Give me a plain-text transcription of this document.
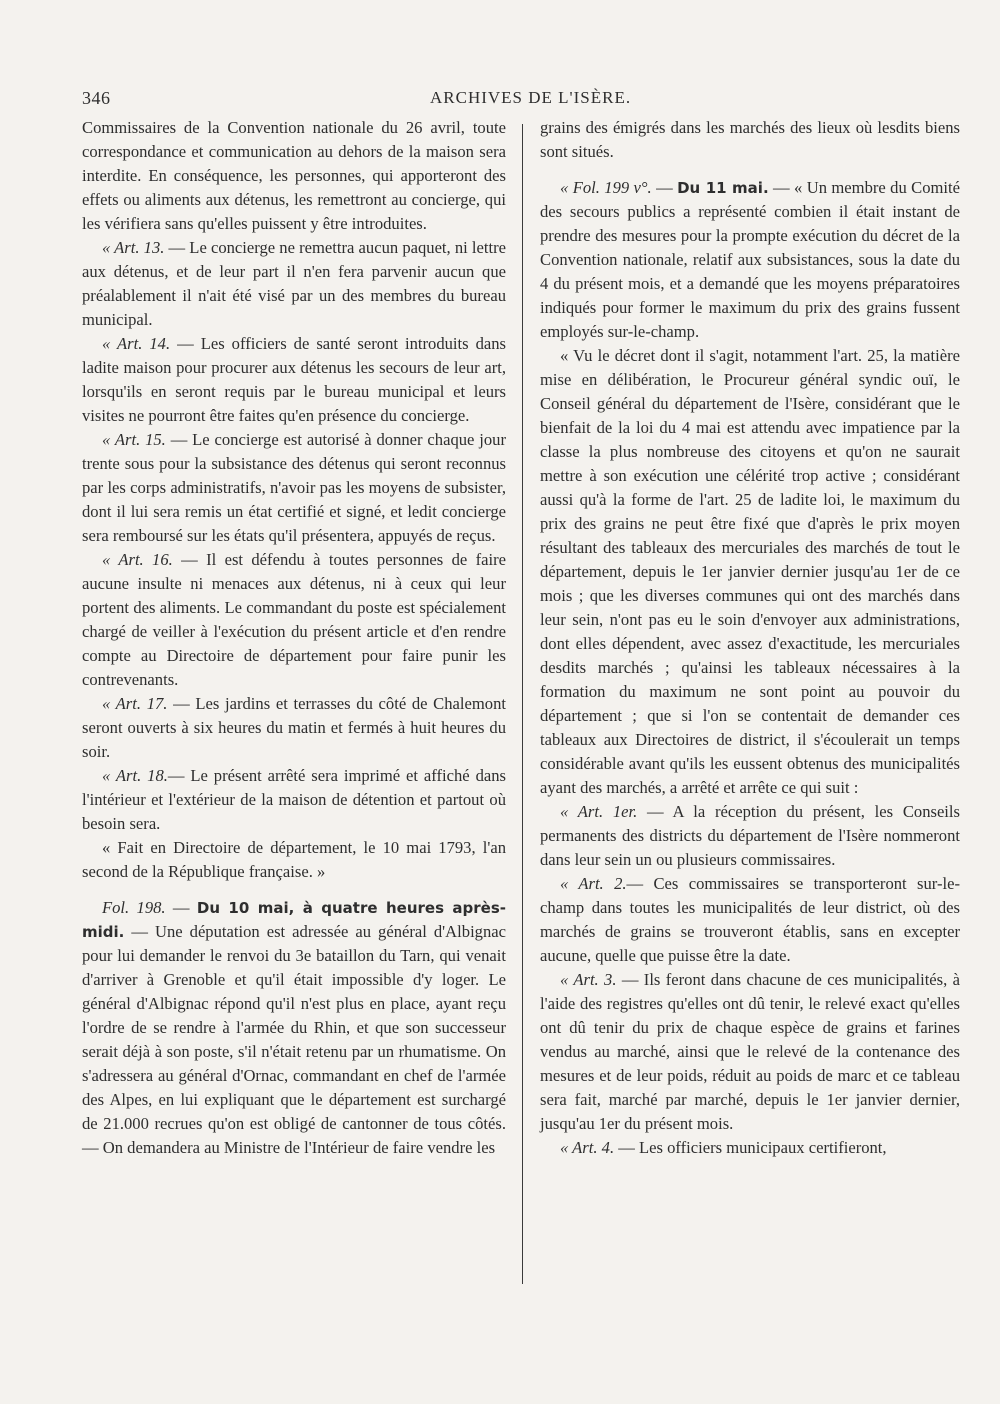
346	ARCHIVES DE L'ISÈRE.

Commissaires de la Convention nationale du 26 avril, toute correspondance et communication au dehors de la maison sera interdite. En conséquence, les personnes, qui apporteront des effets ou aliments aux détenus, les remettront au concierge, qui les vérifiera sans qu'elles puissent y être introduites.

« Art. 13. — Le concierge ne remettra aucun paquet, ni lettre aux détenus, et de leur part il n'en fera parvenir aucun que préalablement il n'ait été visé par un des membres du bureau municipal.

« Art. 14. — Les officiers de santé seront introduits dans ladite maison pour procurer aux détenus les secours de leur art, lorsqu'ils en seront requis par le bureau municipal et leurs visites ne pourront être faites qu'en présence du concierge.

« Art. 15. — Le concierge est autorisé à donner chaque jour trente sous pour la subsistance des détenus qui seront reconnus par les corps administratifs, n'avoir pas les moyens de subsister, dont il lui sera remis un état certifié et signé, et ledit concierge sera remboursé sur les états qu'il présentera, appuyés de reçus.

« Art. 16. — Il est défendu à toutes personnes de faire aucune insulte ni menaces aux détenus, ni à ceux qui leur portent des aliments. Le commandant du poste est spécialement chargé de veiller à l'exécution du présent article et d'en rendre compte au Directoire de département pour faire punir les contrevenants.

« Art. 17. — Les jardins et terrasses du côté de Chalemont seront ouverts à six heures du matin et fermés à huit heures du soir.

« Art. 18.— Le présent arrêté sera imprimé et affiché dans l'intérieur et l'extérieur de la maison de détention et partout où besoin sera.

« Fait en Directoire de département, le 10 mai 1793, l'an second de la République française. »

Fol. 198. — Du 10 mai, à quatre heures après-midi. — Une députation est adressée au général d'Albignac pour lui demander le renvoi du 3e bataillon du Tarn, qui venait d'arriver à Grenoble et qu'il était impossible d'y loger. Le général d'Albignac répond qu'il n'est plus en place, ayant reçu l'ordre de se rendre à l'armée du Rhin, et que son successeur serait déjà à son poste, s'il n'était retenu par un rhumatisme. On s'adressera au général d'Ornac, commandant en chef de l'armée des Alpes, en lui expliquant que le département est surchargé de 21.000 recrues qu'on est obligé de cantonner de tous côtés. — On demandera au Ministre de l'Intérieur de faire vendre les

grains des émigrés dans les marchés des lieux où lesdits biens sont situés.

« Fol. 199 v°. — Du 11 mai. — « Un membre du Comité des secours publics a représenté combien il était instant de prendre des mesures pour la prompte exécution du décret de la Convention nationale, relatif aux subsistances, sous la date du 4 du présent mois, et a demandé que les moyens préparatoires indiqués pour former le maximum du prix des grains fussent employés sur-le-champ.

« Vu le décret dont il s'agit, notamment l'art. 25, la matière mise en délibération, le Procureur général syndic ouï, le Conseil général du département de l'Isère, considérant que le bienfait de la loi du 4 mai est attendu avec impatience par la classe la plus nombreuse des citoyens et qu'on ne saurait mettre à son exécution une célérité trop active ; considérant aussi qu'à la forme de l'art. 25 de ladite loi, le maximum du prix des grains ne peut être fixé que d'après le prix moyen résultant des tableaux des mercuriales des marchés de tout le département, depuis le 1er janvier dernier jusqu'au 1er de ce mois ; que les diverses communes qui ont des marchés dans leur sein, n'ont pas eu le soin d'envoyer aux administrations, dont elles dépendent, avec assez d'exactitude, les mercuriales desdits marchés ; qu'ainsi les tableaux nécessaires à la formation du maximum ne sont point au pouvoir du département ; que si l'on se contentait de demander ces tableaux aux Directoires de district, il s'écoulerait un temps considérable avant qu'ils les eussent obtenus des municipalités ayant des marchés, a arrêté et arrête ce qui suit :

« Art. 1er. — A la réception du présent, les Conseils permanents des districts du département de l'Isère nommeront dans leur sein un ou plusieurs commissaires.

« Art. 2.— Ces commissaires se transporteront sur-le-champ dans toutes les municipalités de leur district, où des marchés de grains se trouveront établis, sans en excepter aucune, quelle que puisse être la date.

« Art. 3. — Ils feront dans chacune de ces municipalités, à l'aide des registres qu'elles ont dû tenir, le relevé exact qu'elles ont dû tenir du prix de chaque espèce de grains et farines vendus au marché, ainsi que le relevé de la contenance des mesures et de leur poids, réduit au poids de marc et ce tableau sera fait, marché par marché, depuis le 1er janvier dernier, jusqu'au 1er du présent mois.

« Art. 4. — Les officiers municipaux certifieront,
